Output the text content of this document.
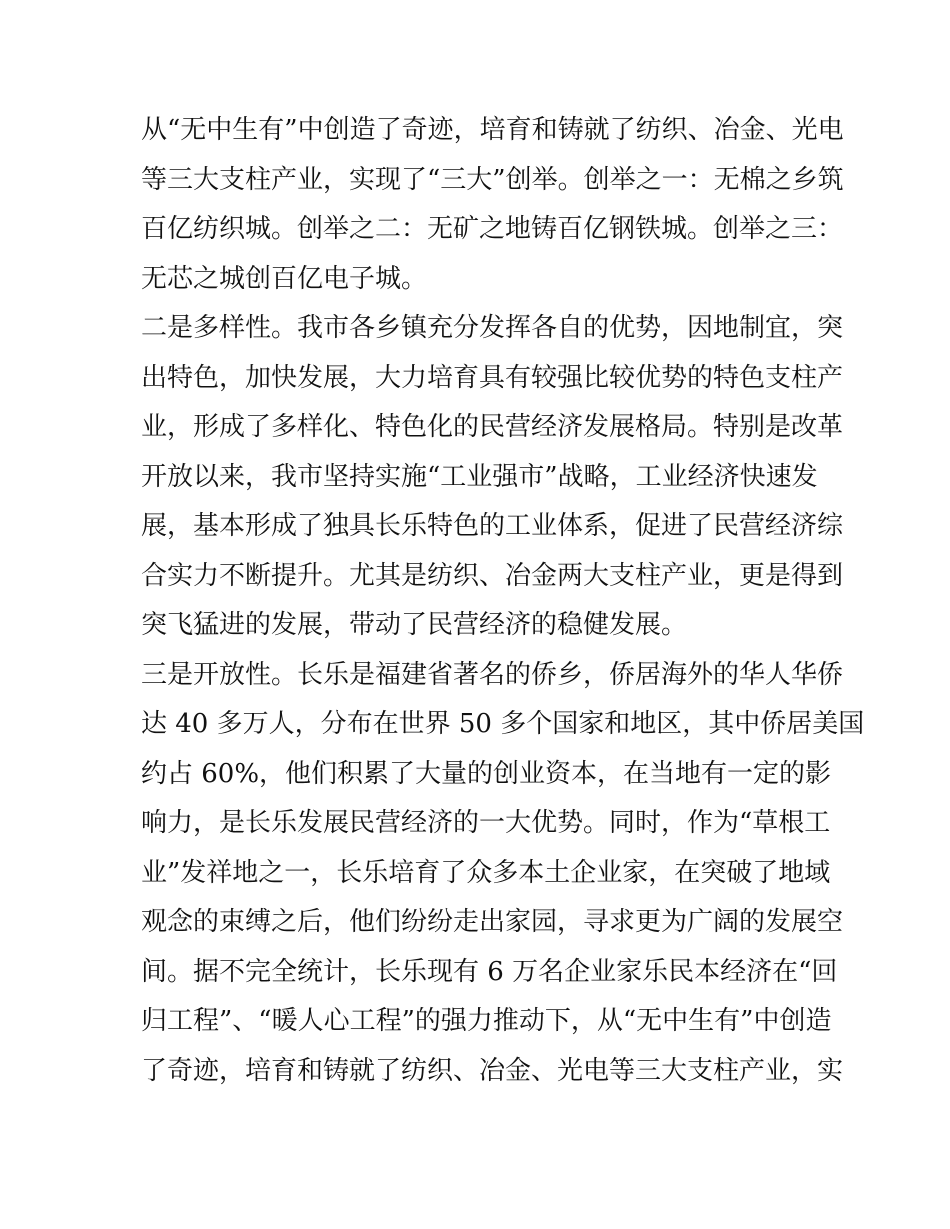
从“无中生有”中创造了奇迹，培育和铸就了纺织、冶金、光电
等三大支柱产业，实现了“三大”创举。创举之一：无棉之乡筑
百亿纺织城。创举之二：无矿之地铸百亿钢铁城。创举之三：
无芯之城创百亿电子城。
二是多样性。我市各乡镇充分发挥各自的优势，因地制宜，突
出特色，加快发展，大力培育具有较强比较优势的特色支柱产
业，形成了多样化、特色化的民营经济发展格局。特别是改革
开放以来，我市坚持实施“工业强市”战略，工业经济快速发
展，基本形成了独具长乐特色的工业体系，促进了民营经济综
合实力不断提升。尤其是纺织、冶金两大支柱产业，更是得到
突飞猛进的发展，带动了民营经济的稳健发展。
三是开放性。长乐是福建省著名的侨乡，侨居海外的华人华侨
达 40 多万人，分布在世界 50 多个国家和地区，其中侨居美国
约占 60%，他们积累了大量的创业资本，在当地有一定的影
响力，是长乐发展民营经济的一大优势。同时，作为“草根工
业”发祥地之一，长乐培育了众多本土企业家，在突破了地域
观念的束缚之后，他们纷纷走出家园，寻求更为广阔的发展空
间。据不完全统计，长乐现有 6 万名企业家乐民本经济在“回
归工程”、“暖人心工程”的强力推动下，从“无中生有”中创造
了奇迹，培育和铸就了纺织、冶金、光电等三大支柱产业，实
